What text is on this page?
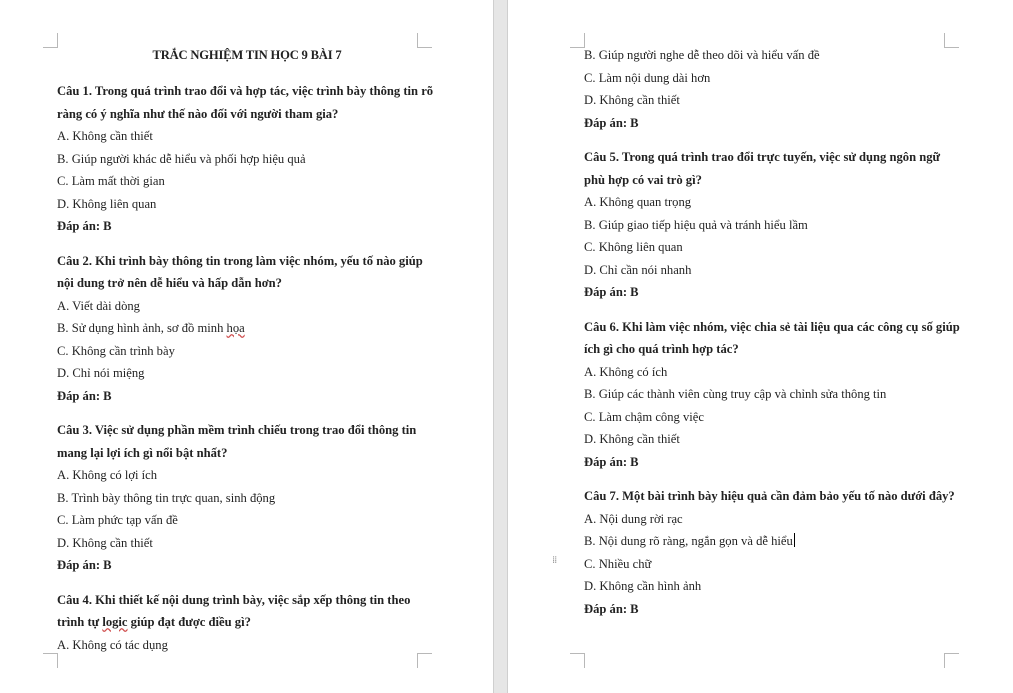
TRẮC NGHIỆM TIN HỌC 9 BÀI 7
Câu 1. Trong quá trình trao đổi và hợp tác, việc trình bày thông tin rõ ràng có ý nghĩa như thế nào đối với người tham gia?
A. Không cần thiết
B. Giúp người khác dễ hiểu và phối hợp hiệu quả
C. Làm mất thời gian
D. Không liên quan
Đáp án: B
Câu 2. Khi trình bày thông tin trong làm việc nhóm, yếu tố nào giúp nội dung trở nên dễ hiểu và hấp dẫn hơn?
A. Viết dài dòng
B. Sử dụng hình ảnh, sơ đồ minh họa
C. Không cần trình bày
D. Chỉ nói miệng
Đáp án: B
Câu 3. Việc sử dụng phần mềm trình chiếu trong trao đổi thông tin mang lại lợi ích gì nổi bật nhất?
A. Không có lợi ích
B. Trình bày thông tin trực quan, sinh động
C. Làm phức tạp vấn đề
D. Không cần thiết
Đáp án: B
Câu 4. Khi thiết kế nội dung trình bày, việc sắp xếp thông tin theo trình tự logic giúp đạt được điều gì?
A. Không có tác dụng
B. Giúp người nghe dễ theo dõi và hiểu vấn đề
C. Làm nội dung dài hơn
D. Không cần thiết
Đáp án: B
Câu 5. Trong quá trình trao đổi trực tuyến, việc sử dụng ngôn ngữ phù hợp có vai trò gì?
A. Không quan trọng
B. Giúp giao tiếp hiệu quả và tránh hiểu lầm
C. Không liên quan
D. Chỉ cần nói nhanh
Đáp án: B
Câu 6. Khi làm việc nhóm, việc chia sẻ tài liệu qua các công cụ số giúp ích gì cho quá trình hợp tác?
A. Không có ích
B. Giúp các thành viên cùng truy cập và chỉnh sửa thông tin
C. Làm chậm công việc
D. Không cần thiết
Đáp án: B
Câu 7. Một bài trình bày hiệu quả cần đảm bảo yếu tố nào dưới đây?
A. Nội dung rời rạc
B. Nội dung rõ ràng, ngắn gọn và dễ hiểu
C. Nhiều chữ
D. Không cần hình ảnh
Đáp án: B
⁞⁞
